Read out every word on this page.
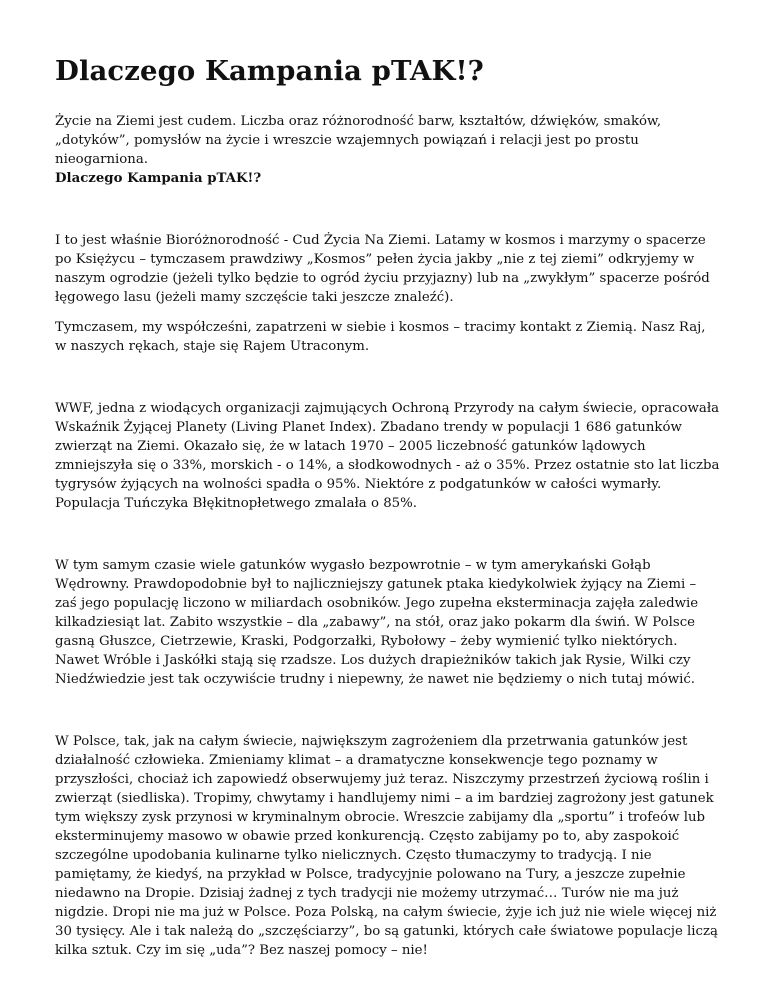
Dlaczego Kampania pTAK!?

Życie na Ziemi jest cudem. Liczba oraz różnorodność barw, kształtów, dźwięków, smaków, „dotyków”, pomysłów na życie i wreszcie wzajemnych powiązań i relacji jest po prostu nieogarniona.

Dlaczego Kampania pTAK!?

I to jest właśnie Bioróżnorodność - Cud Życia Na Ziemi. Latamy w kosmos i marzymy o spacerze po Księżycu – tymczasem prawdziwy „Kosmos” pełen życia jakby „nie z tej ziemi” odkryjemy w naszym ogrodzie (jeżeli tylko będzie to ogród życiu przyjazny) lub na „zwykłym” spacerze pośród łęgowego lasu (jeżeli mamy szczęście taki jeszcze znaleźć).

Tymczasem, my współcześni, zapatrzeni w siebie i kosmos – tracimy kontakt z Ziemią. Nasz Raj, w naszych rękach, staje się Rajem Utraconym.

WWF, jedna z wiodących organizacji zajmujących Ochroną Przyrody na całym świecie, opracowała Wskaźnik Żyjącej Planety (Living Planet Index). Zbadano trendy w populacji 1 686 gatunków zwierząt na Ziemi. Okazało się, że w latach 1970 – 2005 liczebność gatunków lądowych zmniejszyła się o 33%, morskich - o 14%, a słodkowodnych - aż o 35%. Przez ostatnie sto lat liczba tygrysów żyjących na wolności spadła o 95%. Niektóre z podgatunków w całości wymarły. Populacja Tuńczyka Błękitnopłetwego zmalała o 85%.

W tym samym czasie wiele gatunków wygasło bezpowrotnie – w tym amerykański Gołąb Wędrowny. Prawdopodobnie był to najliczniejszy gatunek ptaka kiedykolwiek żyjący na Ziemi – zaś jego populację liczono w miliardach osobników. Jego zupełna eksterminacja zajęła zaledwie kilkadziesiąt lat. Zabito wszystkie – dla „zabawy”, na stół, oraz jako pokarm dla świń. W Polsce gasną Głuszce, Cietrzewie, Kraski, Podgorzałki, Rybołowy – żeby wymienić tylko niektórych. Nawet Wróble i Jaskółki stają się rzadsze. Los dużych drapieżników takich jak Rysie, Wilki czy Niedźwiedzie jest tak oczywiście trudny i niepewny, że nawet nie będziemy o nich tutaj mówić.

W Polsce, tak, jak na całym świecie, największym zagrożeniem dla przetrwania gatunków jest działalność człowieka. Zmieniamy klimat – a dramatyczne konsekwencje tego poznamy w przyszłości, chociaż ich zapowiedź obserwujemy już teraz. Niszczymy przestrzeń życiową roślin i zwierząt (siedliska). Tropimy, chwytamy i handlujemy nimi – a im bardziej zagrożony jest gatunek tym większy zysk przynosi w kryminalnym obrocie. Wreszcie zabijamy dla „sportu” i trofeów lub eksterminujemy masowo w obawie przed konkurencją. Często zabijamy po to, aby zaspokoić szczególne upodobania kulinarne tylko nielicznych. Często tłumaczymy to tradycją. I nie pamiętamy, że kiedyś, na przykład w Polsce, tradycyjnie polowano na Tury, a jeszcze zupełnie niedawno na Dropie. Dzisiaj żadnej z tych tradycji nie możemy utrzymać… Turów nie ma już nigdzie. Dropi nie ma już w Polsce. Poza Polską, na całym świecie, żyje ich już nie wiele więcej niż 30 tysięcy. Ale i tak należą do „szczęściarzy”, bo są gatunki, których całe światowe populacje liczą kilka sztuk. Czy im się „uda”? Bez naszej pomocy – nie!
